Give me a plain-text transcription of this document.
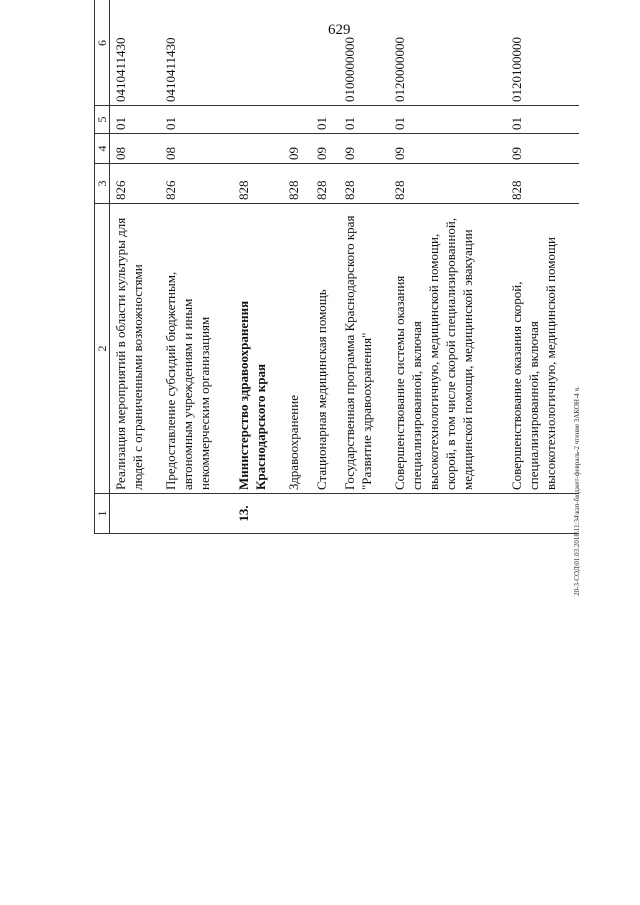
629
20-3-СОД\01.03.2018\11:34\кзп-бюджет-февраль-2 чтение ЗАКОН-4 ч.
1	2	3	4	5	6			
	Реализация мероприятий в области культуры для людей с ограниченными возможностями	826	08	01	0410411430			
	Предоставление субсидий бюджетным, автономным учреждениям и иным некоммерческим организациям	826	08	01	0410411430			
13.	Министерство здравоохранения Краснодарского края	828						
	Здравоохранение	828	09					
	Стационарная медицинская помощь	828	09	01				
	Государственная программа Краснодарского края "Развитие здравоохранения"	828	09	01	0100000000			
	Совершенствование системы оказания специализированной, включая высокотехнологичную, медицинской помощи, скорой, в том числе скорой специализированной, медицинской помощи, медицинской эвакуации	828	09	01	0120000000			
	Совершенствование оказания скорой, специализированной, включая высокотехнологичную, медицинской помощи	828	09	01	0120100000			
